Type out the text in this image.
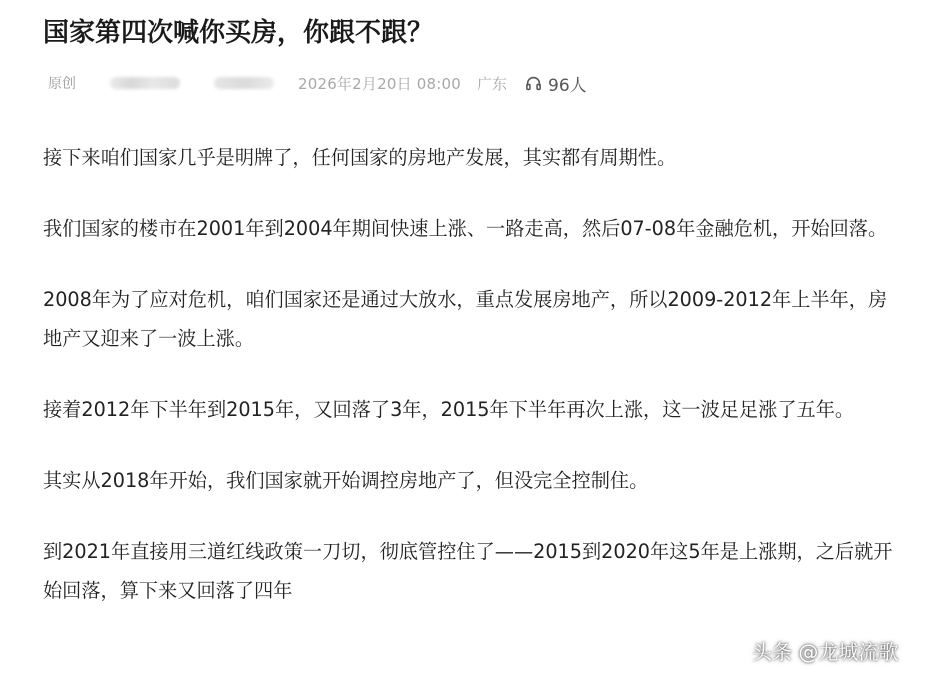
国家第四次喊你买房，你跟不跟？
原创	2026年2月20日 08:00 广东 96人

接下来咱们国家几乎是明牌了，任何国家的房地产发展，其实都有周期性。

我们国家的楼市在2001年到2004年期间快速上涨、一路走高，然后07-08年金融危机，开始回落。

2008年为了应对危机，咱们国家还是通过大放水，重点发展房地产，所以2009-2012年上半年，房地产又迎来了一波上涨。

接着2012年下半年到2015年，又回落了3年，2015年下半年再次上涨，这一波足足涨了五年。

其实从2018年开始，我们国家就开始调控房地产了，但没完全控制住。

到2021年直接用三道红线政策一刀切，彻底管控住了——2015到2020年这5年是上涨期，之后就开始回落，算下来又回落了四年

头条 @龙城流歌
